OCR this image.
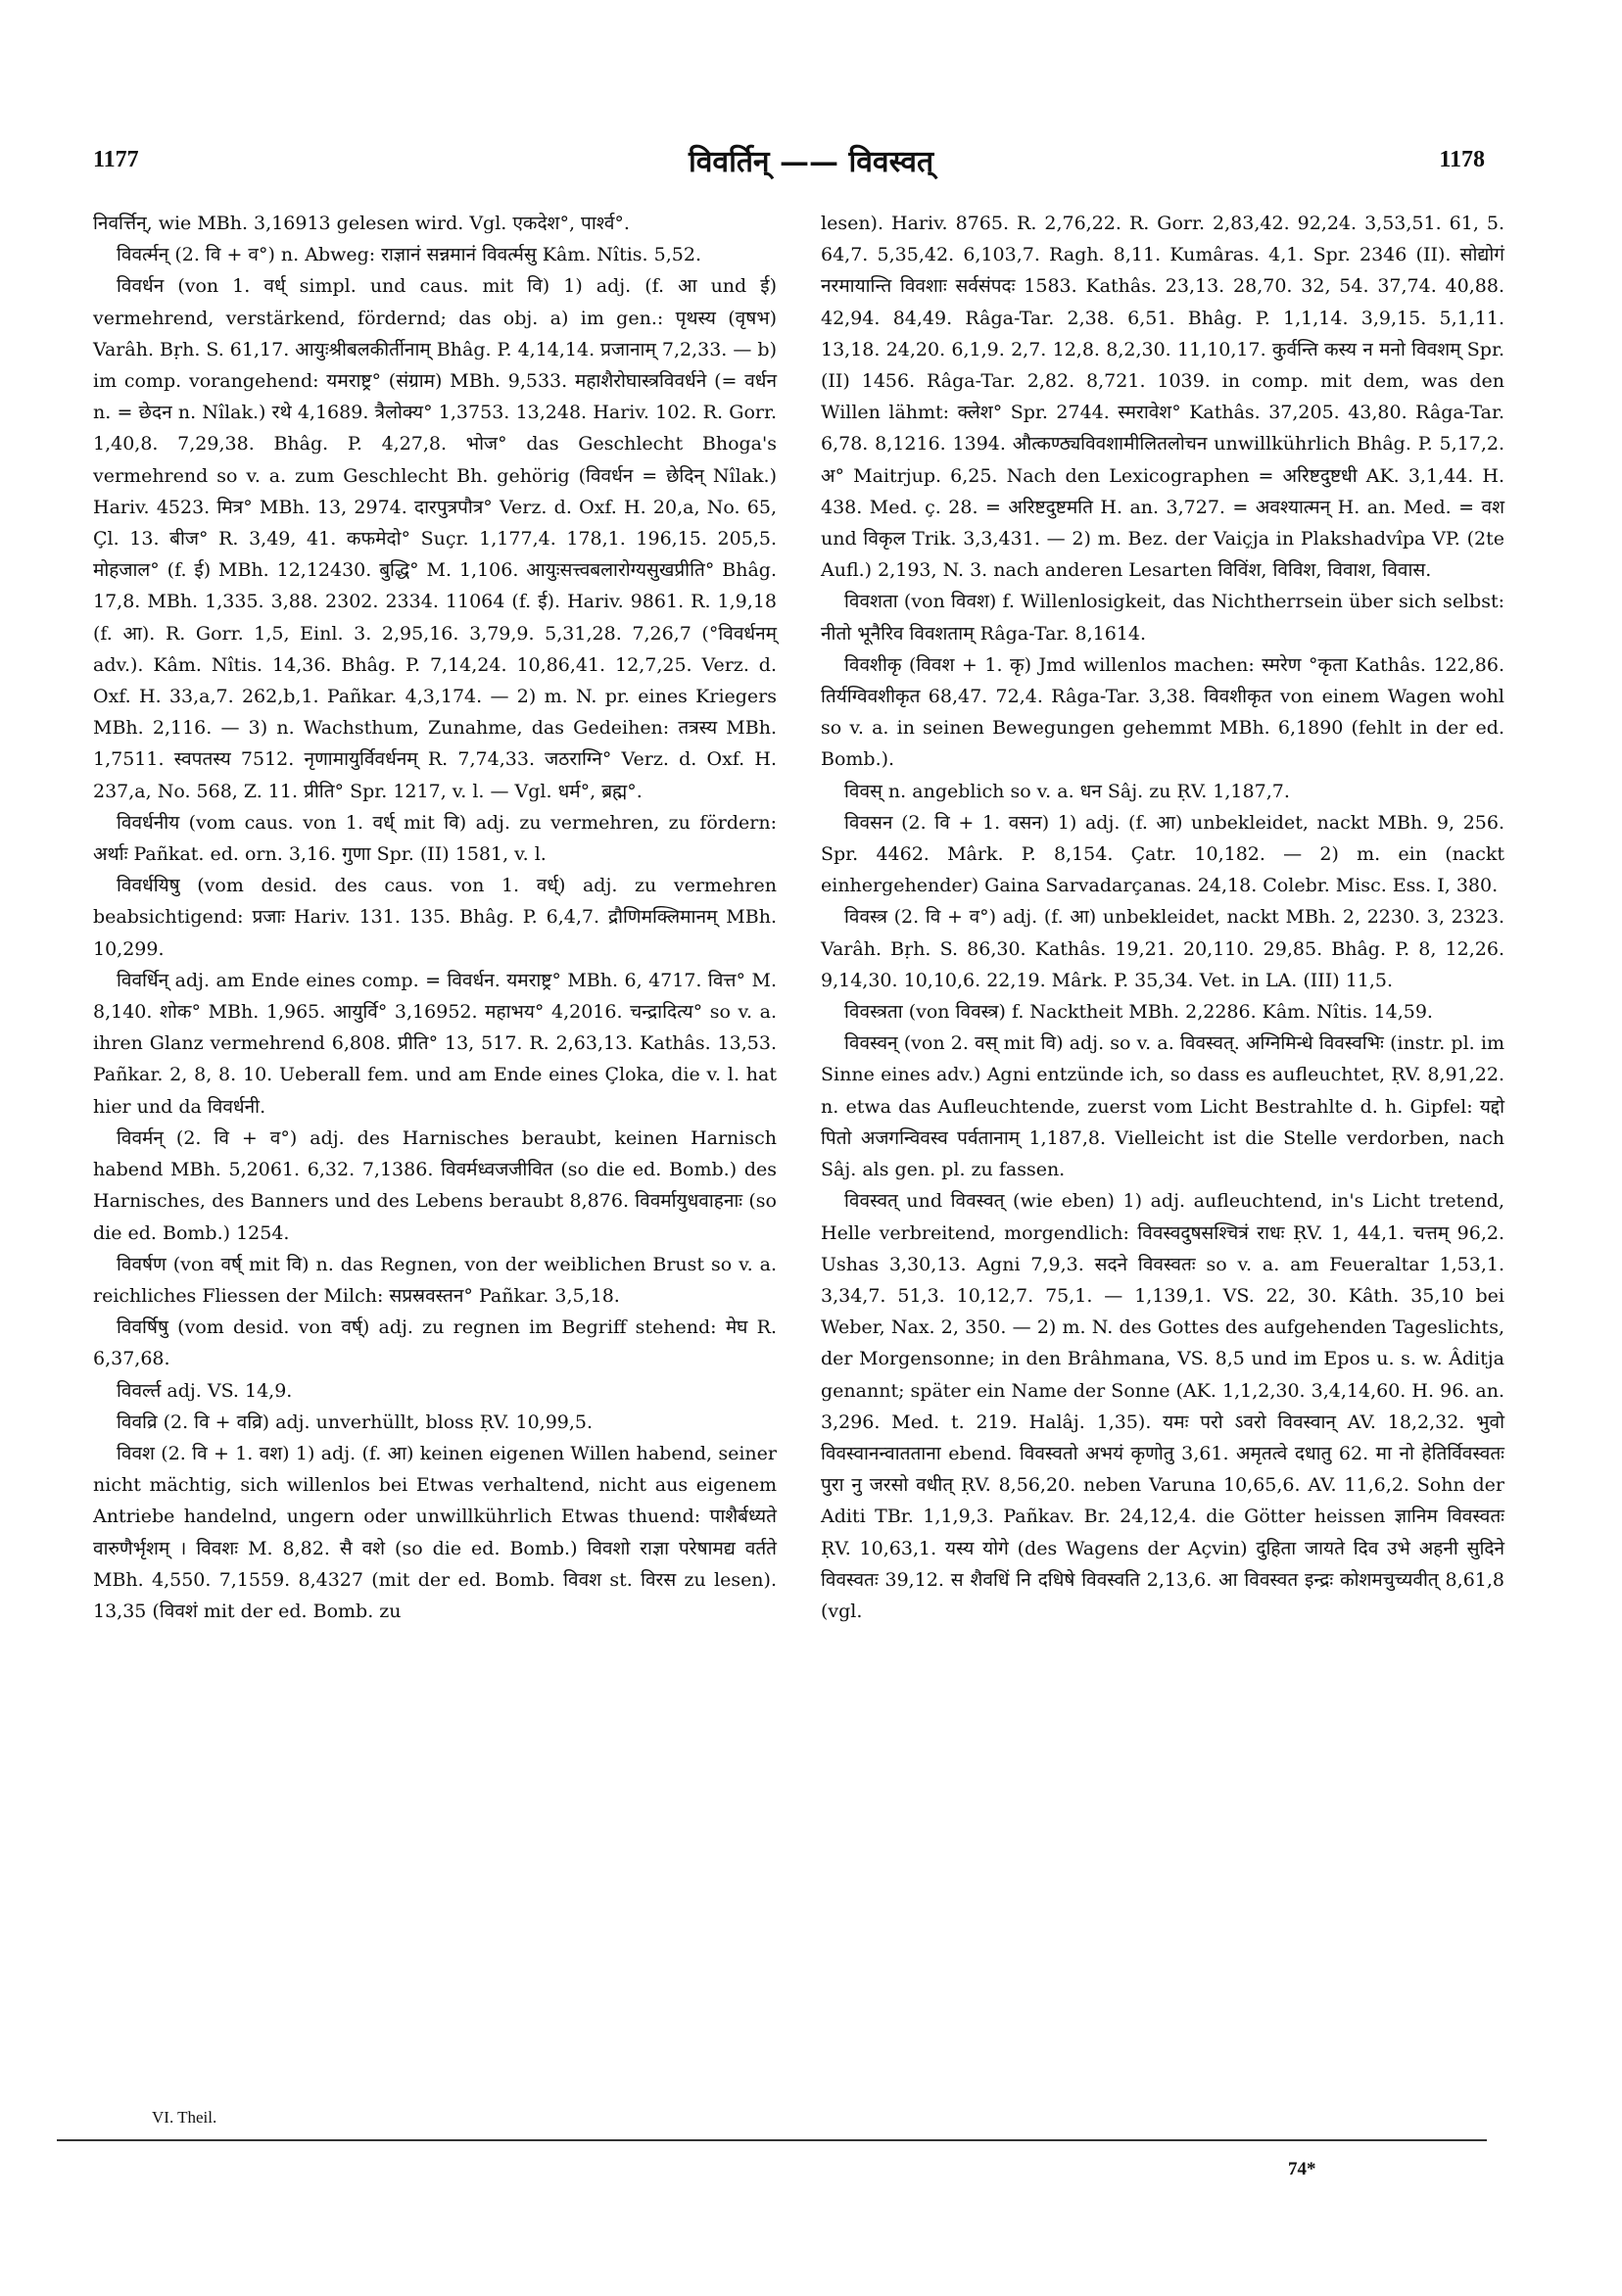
1177	विवर्तिन् —— विवस्वत्	1178

निवर्त्तिन्, wie MBh. 3,16913 gelesen wird. Vgl. एकदेश°, पार्श्व°.

विवर्त्मन् (2. वि + व°) n. Abweg: राज्ञानं सन्नमानं विवर्त्मसु Kâm. Nîtis. 5,52.

विवर्धन (von 1. वर्ध् simpl. und caus. mit वि) 1) adj. (f. आ und ई) vermehrend, verstärkend, fördernd; das obj. a) im gen.: पृथस्य (वृषभ) Varâh. Bṛh. S. 61,17. आयुःश्रीबलकीर्तीनाम् Bhâg. P. 4,14,14. प्रजानाम् 7,2,33. — b) im comp. vorangehend: यमराष्ट्र° (संग्राम) MBh. 9,533. महाशैरोघास्त्रविवर्धने (= वर्धन n. = छेदन n. Nîlak.) रथे 4,1689. त्रैलोक्य° 1,3753. 13,248. Hariv. 102. R. Gorr. 1,40,8. 7,29,38. Bhâg. P. 4,27,8. भोज° das Geschlecht Bhoga's vermehrend so v. a. zum Geschlecht Bh. gehörig (विवर्धन = छेदिन् Nîlak.) Hariv. 4523. मित्र° MBh. 13, 2974. दारपुत्रपौत्र° Verz. d. Oxf. H. 20,a, No. 65, Çl. 13. बीज° R. 3,49, 41. कफमेदो° Suçr. 1,177,4. 178,1. 196,15. 205,5. मोहजाल° (f. ई) MBh. 12,12430. बुद्धि° M. 1,106. आयुःसत्त्वबलारोग्यसुखप्रीति° Bhâg. 17,8. MBh. 1,335. 3,88. 2302. 2334. 11064 (f. ई). Hariv. 9861. R. 1,9,18 (f. आ). R. Gorr. 1,5, Einl. 3. 2,95,16. 3,79,9. 5,31,28. 7,26,7 (°विवर्धनम् adv.). Kâm. Nîtis. 14,36. Bhâg. P. 7,14,24. 10,86,41. 12,7,25. Verz. d. Oxf. H. 33,a,7. 262,b,1. Pañkar. 4,3,174. — 2) m. N. pr. eines Kriegers MBh. 2,116. — 3) n. Wachsthum, Zunahme, das Gedeihen: तत्रस्य MBh. 1,7511. स्वपतस्य 7512. नृणामायुर्विवर्धनम् R. 7,74,33. जठराग्नि° Verz. d. Oxf. H. 237,a, No. 568, Z. 11. प्रीति° Spr. 1217, v. l. — Vgl. धर्म°, ब्रह्म°.

विवर्धनीय (vom caus. von 1. वर्ध् mit वि) adj. zu vermehren, zu fördern: अर्थाः Pañkat. ed. orn. 3,16. गुणा Spr. (II) 1581, v. l.

विवर्धयिषु (vom desid. des caus. von 1. वर्ध्) adj. zu vermehren beabsichtigend: प्रजाः Hariv. 131. 135. Bhâg. P. 6,4,7. द्रौणिमक्लिमानम् MBh. 10,299.

विवर्धिन् adj. am Ende eines comp. = विवर्धन. यमराष्ट्र° MBh. 6, 4717. वित्त° M. 8,140. शोक° MBh. 1,965. आयुर्वि° 3,16952. महाभय° 4,2016. चन्द्रादित्य° so v. a. ihren Glanz vermehrend 6,808. प्रीति° 13, 517. R. 2,63,13. Kathâs. 13,53. Pañkar. 2, 8, 8. 10. Ueberall fem. und am Ende eines Çloka, die v. l. hat hier und da विवर्धनी.

विवर्मन् (2. वि + व°) adj. des Harnisches beraubt, keinen Harnisch habend MBh. 5,2061. 6,32. 7,1386. विवर्मध्वजजीवित (so die ed. Bomb.) des Harnisches, des Banners und des Lebens beraubt 8,876. विवर्मायुधवाहनाः (so die ed. Bomb.) 1254.

विवर्षण (von वर्ष् mit वि) n. das Regnen, von der weiblichen Brust so v. a. reichliches Fliessen der Milch: सप्रस्रवस्तन° Pañkar. 3,5,18.

विवर्षिषु (vom desid. von वर्ष्) adj. zu regnen im Begriff stehend: मेघ R. 6,37,68.

विवर्ल्त adj. VS. 14,9.

विवव्रि (2. वि + वव्रि) adj. unverhüllt, bloss ṚV. 10,99,5.

विवश (2. वि + 1. वश) 1) adj. (f. आ) keinen eigenen Willen habend, seiner nicht mächtig, sich willenlos bei Etwas verhaltend, nicht aus eigenem Antriebe handelnd, ungern oder unwillkührlich Etwas thuend: पाशैर्बध्यते वारुणैर्भृशम् । विवशः M. 8,82. सै वशे (so die ed. Bomb.) विवशो राज्ञा परेषामद्य वर्तते MBh. 4,550. 7,1559. 8,4327 (mit der ed. Bomb. विवश st. विरस zu lesen). 13,35 (विवशं mit der ed. Bomb. zu

lesen). Hariv. 8765. R. 2,76,22. R. Gorr. 2,83,42. 92,24. 3,53,51. 61, 5. 64,7. 5,35,42. 6,103,7. Ragh. 8,11. Kumâras. 4,1. Spr. 2346 (II). सोद्योगं नरमायान्ति विवशाः सर्वसंपदः 1583. Kathâs. 23,13. 28,70. 32, 54. 37,74. 40,88. 42,94. 84,49. Râga-Tar. 2,38. 6,51. Bhâg. P. 1,1,14. 3,9,15. 5,1,11. 13,18. 24,20. 6,1,9. 2,7. 12,8. 8,2,30. 11,10,17. कुर्वन्ति कस्य न मनो विवशम् Spr. (II) 1456. Râga-Tar. 2,82. 8,721. 1039. in comp. mit dem, was den Willen lähmt: क्लेश° Spr. 2744. स्मरावेश° Kathâs. 37,205. 43,80. Râga-Tar. 6,78. 8,1216. 1394. औत्कण्ठ्यविवशामीलितलोचन unwillkührlich Bhâg. P. 5,17,2. अ° Maitrjup. 6,25. Nach den Lexicographen = अरिष्टदुष्टधी AK. 3,1,44. H. 438. Med. ç. 28. = अरिष्टदुष्टमति H. an. 3,727. = अवश्यात्मन् H. an. Med. = वश und विकृल Trik. 3,3,431. — 2) m. Bez. der Vaiçja in Plakshadvîpa VP. (2te Aufl.) 2,193, N. 3. nach anderen Lesarten विविंश, विविश, विवाश, विवास.

विवशता (von विवश) f. Willenlosigkeit, das Nichtherrsein über sich selbst: नीतो भूनैरिव विवशताम् Râga-Tar. 8,1614.

विवशीकृ (विवश + 1. कृ) Jmd willenlos machen: स्मरेण °कृता Kathâs. 122,86. तिर्यग्विवशीकृत 68,47. 72,4. Râga-Tar. 3,38. विवशीकृत von einem Wagen wohl so v. a. in seinen Bewegungen gehemmt MBh. 6,1890 (fehlt in der ed. Bomb.).

विवस् n. angeblich so v. a. धन Sâj. zu ṚV. 1,187,7.

विवसन (2. वि + 1. वसन) 1) adj. (f. आ) unbekleidet, nackt MBh. 9, 256. Spr. 4462. Mârk. P. 8,154. Çatr. 10,182. — 2) m. ein (nackt einhergehender) Gaina Sarvadarçanas. 24,18. Colebr. Misc. Ess. I, 380.

विवस्त्र (2. वि + व°) adj. (f. आ) unbekleidet, nackt MBh. 2, 2230. 3, 2323. Varâh. Bṛh. S. 86,30. Kathâs. 19,21. 20,110. 29,85. Bhâg. P. 8, 12,26. 9,14,30. 10,10,6. 22,19. Mârk. P. 35,34. Vet. in LA. (III) 11,5.

विवस्त्रता (von विवस्त्र) f. Nacktheit MBh. 2,2286. Kâm. Nîtis. 14,59.

विवस्वन् (von 2. वस् mit वि) adj. so v. a. विवस्वत्. अग्निमिन्धे विवस्वभिः (instr. pl. im Sinne eines adv.) Agni entzünde ich, so dass es aufleuchtet, ṚV. 8,91,22. n. etwa das Aufleuchtende, zuerst vom Licht Bestrahlte d. h. Gipfel: यद्दो पितो अजगन्विवस्व पर्वतानाम् 1,187,8. Vielleicht ist die Stelle verdorben, nach Sâj. als gen. pl. zu fassen.

विवस्वत् und विवस्वत् (wie eben) 1) adj. aufleuchtend, in's Licht tretend, Helle verbreitend, morgendlich: विवस्वदुषसश्चित्रं राधः ṚV. 1, 44,1. चत्तम् 96,2. Ushas 3,30,13. Agni 7,9,3. सदने विवस्वतः so v. a. am Feueraltar 1,53,1. 3,34,7. 51,3. 10,12,7. 75,1. — 1,139,1. VS. 22, 30. Kâth. 35,10 bei Weber, Nax. 2, 350. — 2) m. N. des Gottes des aufgehenden Tageslichts, der Morgensonne; in den Brâhmana, VS. 8,5 und im Epos u. s. w. Âditja genannt; später ein Name der Sonne (AK. 1,1,2,30. 3,4,14,60. H. 96. an. 3,296. Med. t. 219. Halâj. 1,35). यमः परो ऽवरो विवस्वान् AV. 18,2,32. भुवो विवस्वानन्वातताना ebend. विवस्वतो अभयं कृणोतु 3,61. अमृतत्वे दधातु 62. मा नो हेतिर्विवस्वतः पुरा नु जरसो वधीत् ṚV. 8,56,20. neben Varuna 10,65,6. AV. 11,6,2. Sohn der Aditi TBr. 1,1,9,3. Pañkav. Br. 24,12,4. die Götter heissen ज्ञानिम विवस्वतः ṚV. 10,63,1. यस्य योगे (des Wagens der Açvin) दुहिता जायते दिव उभे अहनी सुदिने विवस्वतः 39,12. स शैवधिं नि दधिषे विवस्वति 2,13,6. आ विवस्वत इन्द्रः कोशमचुच्यवीत् 8,61,8 (vgl.

VI. Theil.
74*
